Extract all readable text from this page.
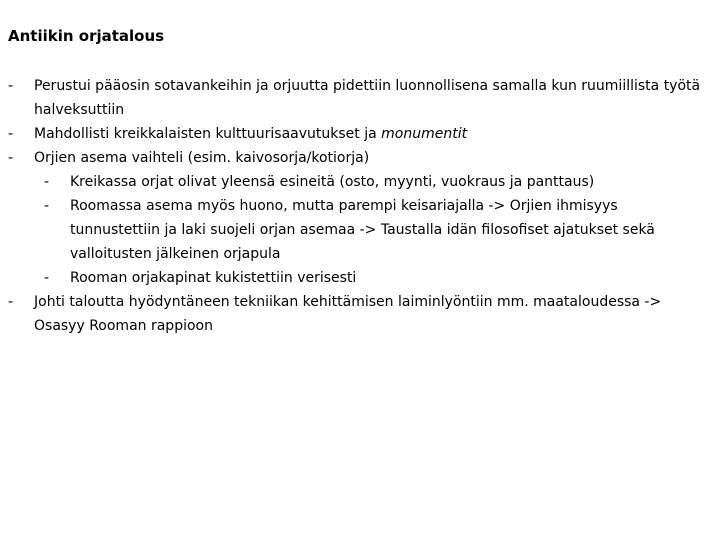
Antiikin orjatalous
- Perustui pääosin sotavankeihin ja orjuutta pidettiin luonnollisena samalla kun ruumiillista työtä halveksuttiin
- Mahdollisti kreikkalaisten kulttuurisaavutukset ja monumentit
- Orjien asema vaihteli (esim. kaivosorja/kotiorja)
- Kreikassa orjat olivat yleensä esineitä (osto, myynti, vuokraus ja panttaus)
- Roomassa asema myös huono, mutta parempi keisariajalla -> Orjien ihmisyys tunnustettiin ja laki suojeli orjan asemaa -> Taustalla idän filosofiset ajatukset sekä valloitusten jälkeinen orjapula
- Rooman orjakapinat kukistettiin verisesti
- Johti taloutta hyödyntäneen tekniikan kehittämisen laiminlyöntiin mm. maataloudessa -> Osasyy Rooman rappioon
